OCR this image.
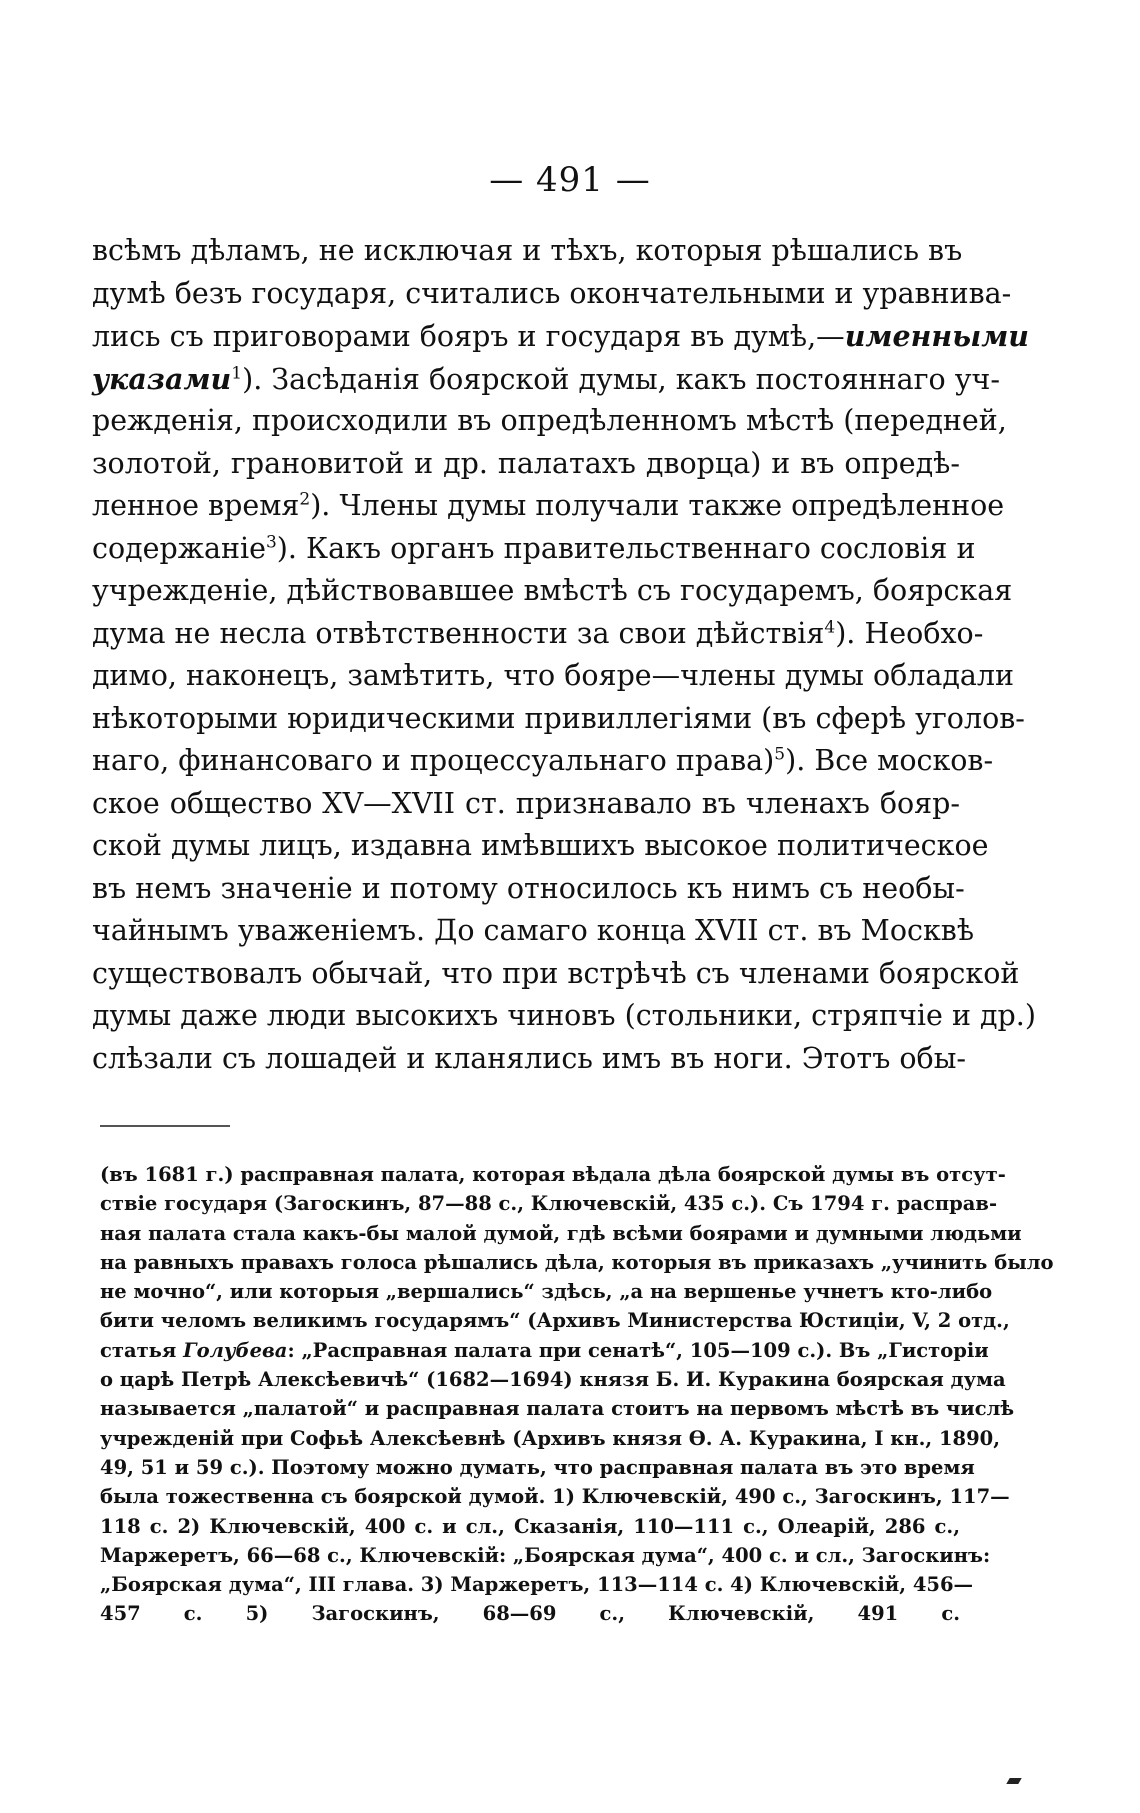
— 491 —
всѣмъ дѣламъ, не исключая и тѣхъ, которыя рѣшались въ
думѣ безъ государя, считались окончательными и уравнива-
лись съ приговорами бояръ и государя въ думѣ,—именными
указами$^1$). Засѣданія боярской думы, какъ постояннаго уч-
режденія, происходили въ опредѣленномъ мѣстѣ (передней,
золотой, грановитой и др. палатахъ дворца) и въ опредѣ-
ленное время$^2$). Члены думы получали также опредѣленное
содержаніе$^3$). Какъ органъ правительственнаго сословія и
учрежденіе, дѣйствовавшее вмѣстѣ съ государемъ, боярская
дума не несла отвѣтственности за свои дѣйствія$^4$). Необхо-
димо, наконецъ, замѣтить, что бояре—члены думы обладали
нѣкоторыми юридическими привиллегіями (въ сферѣ уголов-
наго, финансоваго и процессуальнаго права)$^5$). Все москов-
ское общество XV—XVII ст. признавало въ членахъ бояр-
ской думы лицъ, издавна имѣвшихъ высокое политическое
въ немъ значеніе и потому относилось къ нимъ съ необы-
чайнымъ уваженіемъ. До самаго конца XVII ст. въ Москвѣ
существовалъ обычай, что при встрѣчѣ съ членами боярской
думы даже люди высокихъ чиновъ (стольники, стряпчіе и др.)
слѣзали съ лошадей и кланялись имъ въ ноги. Этотъ обы-
(въ 1681 г.) расправная палата, которая вѣдала дѣла боярской думы въ отсут-
ствіе государя (Загоскинъ, 87—88 с., Ключевскій, 435 с.). Съ 1794 г. расправ-
ная палата стала какъ-бы малой думой, гдѣ всѣми боярами и думными людьми
на равныхъ правахъ голоса рѣшались дѣла, которыя въ приказахъ „учинить было
не мочно“, или которыя „вершались“ здѣсь, „а на вершенье учнетъ кто-либо
бити челомъ великимъ государямъ“ (Архивъ Министерства Юстиціи, V, 2 отд.,
статья Голубева: „Расправная палата при сенатѣ“, 105—109 с.). Въ „Гисторіи
о царѣ Петрѣ Алексѣевичѣ“ (1682—1694) князя Б. И. Куракина боярская дума
называется „палатой“ и расправная палата стоитъ на первомъ мѣстѣ въ числѣ
учрежденій при Софьѣ Алексѣевнѣ (Архивъ князя Ѳ. А. Куракина, I кн., 1890,
49, 51 и 59 с.). Поэтому можно думать, что расправная палата въ это время
была тожественна съ боярской думой. 1) Ключевскій, 490 с., Загоскинъ, 117—
118 с. 2) Ключевскій, 400 с. и сл., Сказанія, 110—111 с., Олеарій, 286 с.,
Маржеретъ, 66—68 с., Ключевскій: „Боярская дума“, 400 с. и сл., Загоскинъ:
„Боярская дума“, III глава. 3) Маржеретъ, 113—114 с. 4) Ключевскій, 456—
457 с. 5) Загоскинъ, 68—69 с., Ключевскій, 491 с.
